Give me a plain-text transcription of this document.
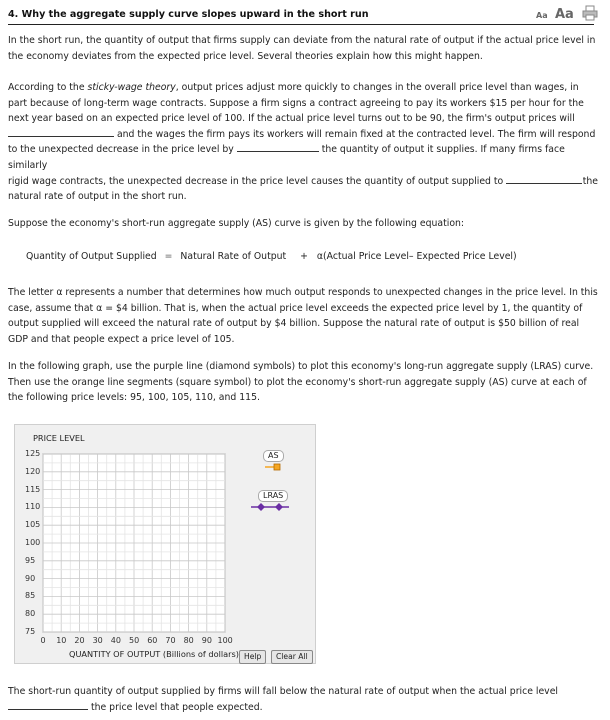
4. Why the aggregate supply curve slopes upward in the short run	Aa Aa
In the short run, the quantity of output that firms supply can deviate from the natural rate of output if the actual price level in the economy deviates from the expected price level. Several theories explain how this might happen.
According to the sticky-wage theory, output prices adjust more quickly to changes in the overall price level than wages, in part because of long-term wage contracts. Suppose a firm signs a contract agreeing to pay its workers $15 per hour for the next year based on an expected price level of 100. If the actual price level turns out to be 90, the firm's output prices will
and the wages the firm pays its workers will remain fixed at the contracted level. The firm will respond
to the unexpected decrease in the price level by	the quantity of output it supplies. If many firms face similarly
rigid wage contracts, the unexpected decrease in the price level causes the quantity of output supplied to	the
natural rate of output in the short run.
Suppose the economy's short-run aggregate supply (AS) curve is given by the following equation:
Quantity of Output Supplied = Natural Rate of Output + α(Actual Price Level– Expected Price Level)
The letter α represents a number that determines how much output responds to unexpected changes in the price level. In this case, assume that α = $4 billion. That is, when the actual price level exceeds the expected price level by 1, the quantity of output supplied will exceed the natural rate of output by $4 billion. Suppose the natural rate of output is $50 billion of real GDP and that people expect a price level of 105.
In the following graph, use the purple line (diamond symbols) to plot this economy's long-run aggregate supply (LRAS) curve. Then use the orange line segments (square symbol) to plot the economy's short-run aggregate supply (AS) curve at each of the following price levels: 95, 100, 105, 110, and 115.
PRICE LEVEL
125
120
115
110
105
100
95
90
85
80
75
0 10 20 30 40 50 60 70 80 90 100
QUANTITY OF OUTPUT (Billions of dollars)
AS
LRAS
Help	Clear All
The short-run quantity of output supplied by firms will fall below the natural rate of output when the actual price level
the price level that people expected.
